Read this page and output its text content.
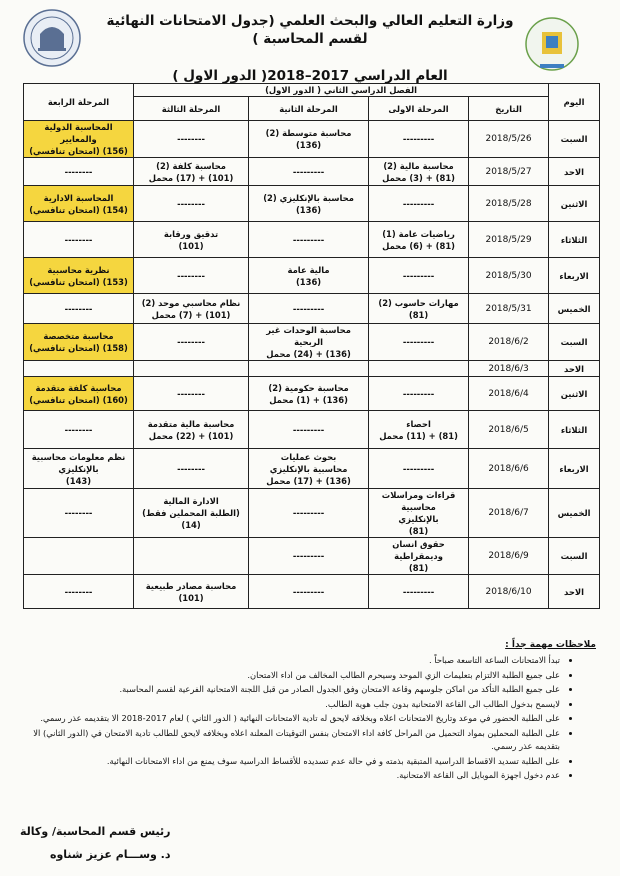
وزارة التعليم العالي والبحث العلمي (جدول الامتحانات النهائية لقسم المحاسبة )
العام الدراسي 2017–2018( الدور الاول )
اليوم	الفصل الدراسي الثاني ( الدور الاول)				المرحلة الرابعة
	التاريخ	المرحلة الاولى	المرحلة الثانية	المرحلة الثالثة	
السبت	2018/5/26	---------	محاسبة متوسطة (2)
(136)	--------	المحاسبة الدولية والمعايير
(156) (امتحان تنافسي)
الاحد	2018/5/27	محاسبة مالية (2)
(81) + (3) محمل	---------	محاسبة كلفة (2)
(101) + (17) محمل	--------
الاثنين	2018/5/28	---------	محاسبة بالإنكليزي (2)
(136)	--------	المحاسبة الادارية
(154) (امتحان تنافسي)
الثلاثاء	2018/5/29	رياضيات عامة (1)
(81) + (6) محمل	---------	تدقيق ورقابة
(101)	--------
الاربعاء	2018/5/30	---------	مالية عامة
(136)	--------	نظرية محاسبية
(153) (امتحان تنافسي)
الخميس	2018/5/31	مهارات حاسوب (2)
(81)	---------	نظام محاسبي موحد (2)
(101) + (7) محمل	--------
السبت	2018/6/2	---------	محاسبة الوحدات غير الربحية
(136) + (24) محمل	--------	محاسبة متخصصة
(158) (امتحان تنافسي)
الاحد	2018/6/3				
الاثنين	2018/6/4	---------	محاسبة حكومية (2)
(136) + (1) محمل	--------	محاسبة كلفة متقدمة
(160) (امتحان تنافسي)
الثلاثاء	2018/6/5	احصاء
(81) + (11) محمل	---------	محاسبة مالية متقدمة
(101) + (22) محمل	--------
الاربعاء	2018/6/6	---------	بحوث عمليات
محاسبية بالإنكليزي
(136) + (17) محمل	--------	نظم معلومات محاسبية بالإنكليزي
(143)
الخميس	2018/6/7	قراءات ومراسلات محاسبية
بالإنكليزي
(81)	---------	الادارة المالية
(الطلبة المحملين فقط) (14)	--------
السبت	2018/6/9	حقوق انسان وديمقراطية
(81)	---------		
الاحد	2018/6/10	---------	---------	محاسبة مصادر طبيعية
(101)	--------
ملاحظات مهمة جداً :
• تبدأ الامتحانات الساعة التاسعة صباحاً .
• على جميع الطلبة الالتزام بتعليمات الزي الموحد وسيحرم الطالب المخالف من اداء الامتحان.
• على جميع الطلبة التأكد من اماكن جلوسهم وقاعة الامتحان وفق الجدول الصادر من قبل اللجنة الامتحانية الفرعية لقسم المحاسبة.
• لايسمح بدخول الطالب الى القاعة الامتحانية بدون جلب هوية الطالب.
• على الطلبة الحضور في موعد وتاريخ الامتحانات اعلاه وبخلافه لايحق له تادية الامتحانات النهائية ( الدور الثاني ) لعام 2017-2018 الا بتقديمه عذر رسمي.
• على الطلبة المحملين بمواد التحميل من المراحل كافة اداء الامتحان بنفس التوقيتات المعلنة اعلاه وبخلافه لايحق للطالب تادية الامتحان في (الدور الثاني) الا بتقديمه عذر رسمي.
• على الطلبة تسديد الاقساط الدراسية المتبقية بذمته و في حالة عدم تسديده للأقساط الدراسية سوف يمنع من اداء الامتحانات النهائية.
• عدم دخول اجهزة الموبايل الى القاعة الامتحانية.
رئيس قسم المحاسبة/ وكالة
د. وســـام عزيز شناوه
